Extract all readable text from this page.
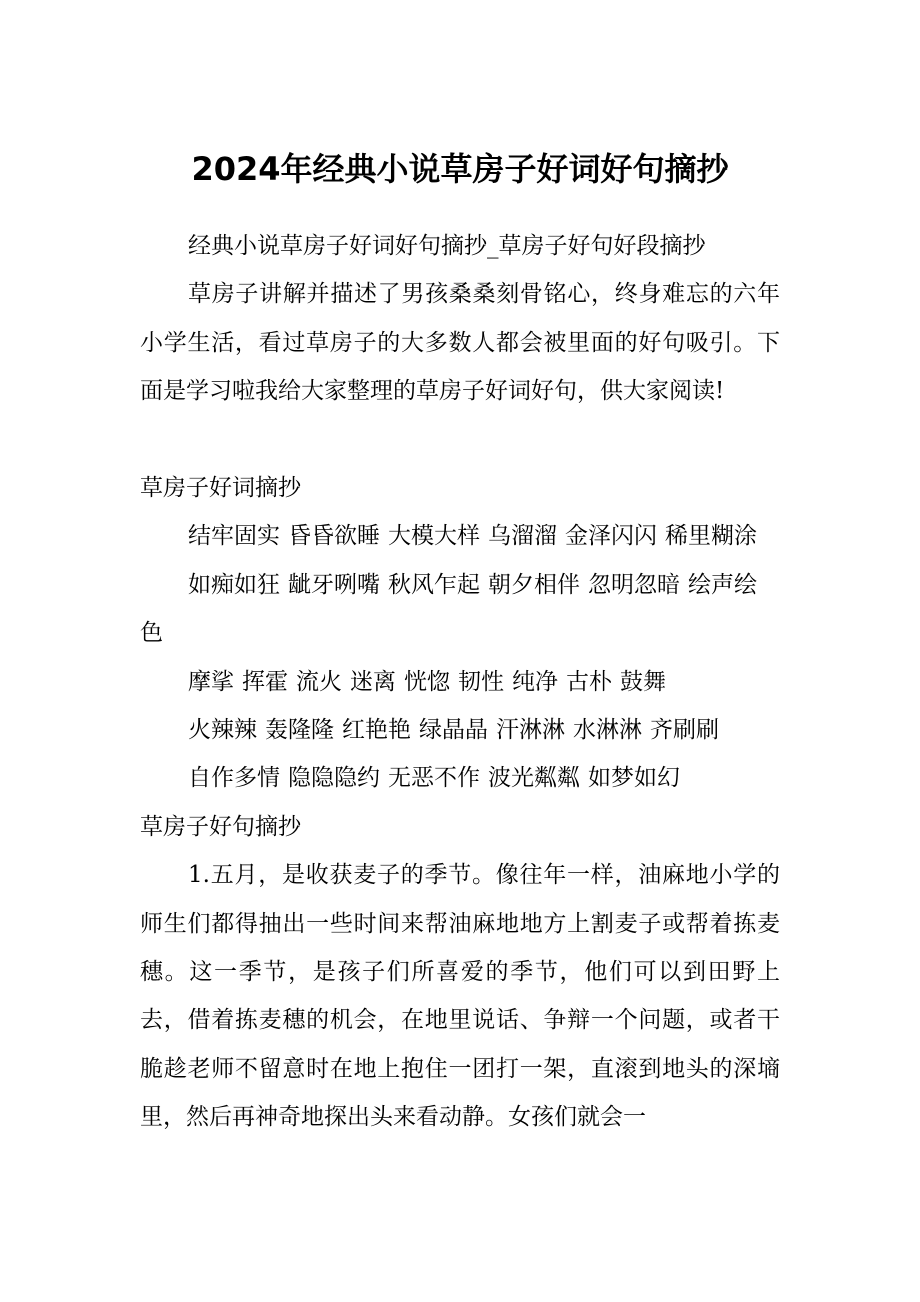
2024年经典小说草房子好词好句摘抄

经典小说草房子好词好句摘抄_草房子好句好段摘抄

草房子讲解并描述了男孩桑桑刻骨铭心，终身难忘的六年小学生活，看过草房子的大多数人都会被里面的好句吸引。下面是学习啦我给大家整理的草房子好词好句，供大家阅读!

草房子好词摘抄

结牢固实 昏昏欲睡 大模大样 乌溜溜 金泽闪闪 稀里糊涂

如痴如狂 龇牙咧嘴 秋风乍起 朝夕相伴 忽明忽暗 绘声绘色

摩挲 挥霍 流火 迷离 恍惚 韧性 纯净 古朴 鼓舞

火辣辣 轰隆隆 红艳艳 绿晶晶 汗淋淋 水淋淋 齐刷刷

自作多情 隐隐隐约 无恶不作 波光粼粼 如梦如幻

草房子好句摘抄

1.五月，是收获麦子的季节。像往年一样，油麻地小学的师生们都得抽出一些时间来帮油麻地地方上割麦子或帮着拣麦穗。这一季节，是孩子们所喜爱的季节，他们可以到田野上去，借着拣麦穗的机会，在地里说话、争辩一个问题，或者干脆趁老师不留意时在地上抱住一团打一架，直滚到地头的深墒里，然后再神奇地探出头来看动静。女孩们就会一
